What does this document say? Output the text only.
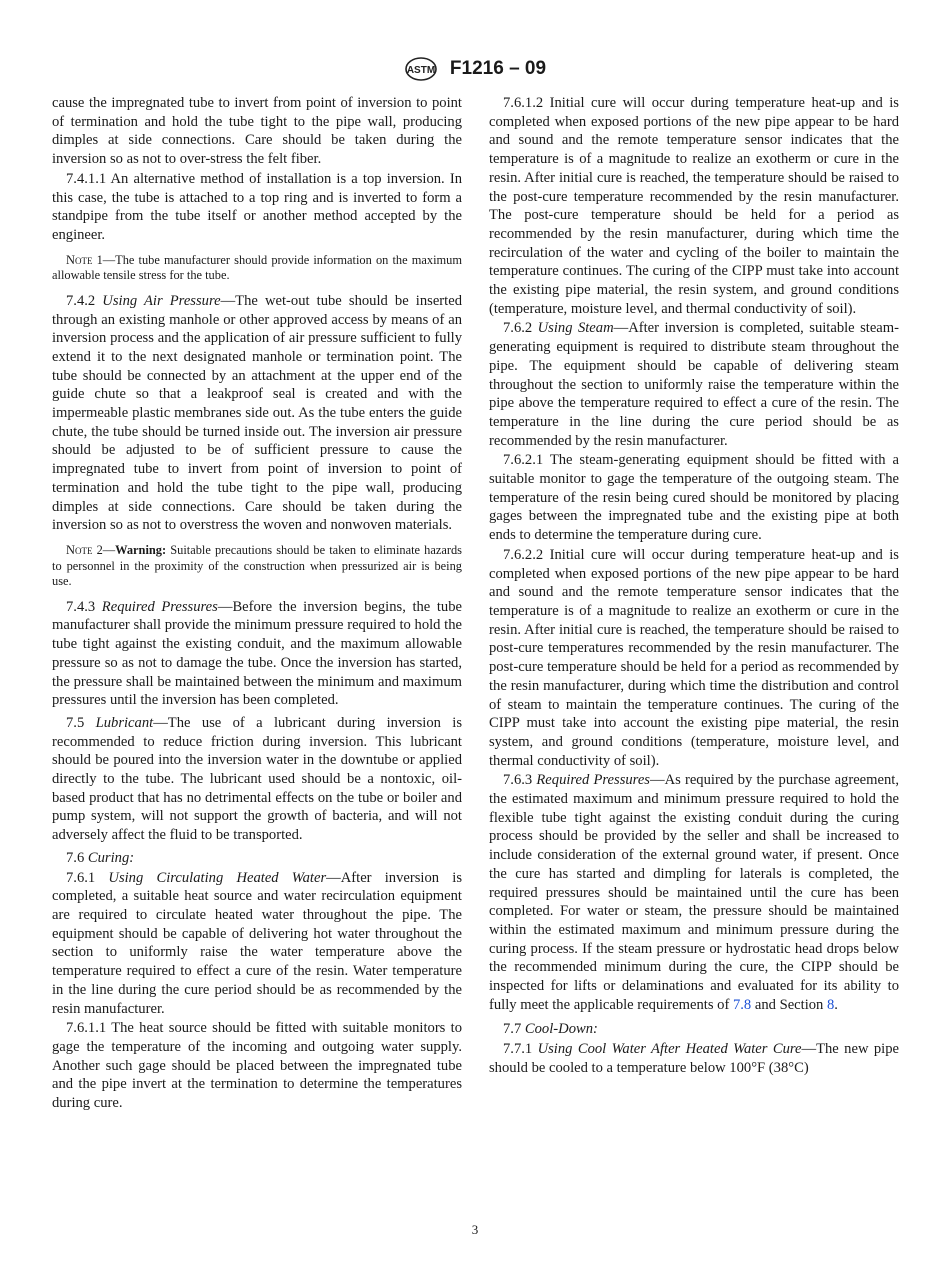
ASTM F1216 – 09

cause the impregnated tube to invert from point of inversion to point of termination and hold the tube tight to the pipe wall, producing dimples at side connections. Care should be taken during the inversion so as not to over-stress the felt fiber.

7.4.1.1 An alternative method of installation is a top inversion. In this case, the tube is attached to a top ring and is inverted to form a standpipe from the tube itself or another method accepted by the engineer.

Note 1—The tube manufacturer should provide information on the maximum allowable tensile stress for the tube.

7.4.2 Using Air Pressure—The wet-out tube should be inserted through an existing manhole or other approved access by means of an inversion process and the application of air pressure sufficient to fully extend it to the next designated manhole or termination point. The tube should be connected by an attachment at the upper end of the guide chute so that a leakproof seal is created and with the impermeable plastic membranes side out. As the tube enters the guide chute, the tube should be turned inside out. The inversion air pressure should be adjusted to be of sufficient pressure to cause the impregnated tube to invert from point of inversion to point of termination and hold the tube tight to the pipe wall, producing dimples at side connections. Care should be taken during the inversion so as not to overstress the woven and nonwoven materials.

Note 2—Warning: Suitable precautions should be taken to eliminate hazards to personnel in the proximity of the construction when pressurized air is being use.

7.4.3 Required Pressures—Before the inversion begins, the tube manufacturer shall provide the minimum pressure required to hold the tube tight against the existing conduit, and the maximum allowable pressure so as not to damage the tube. Once the inversion has started, the pressure shall be maintained between the minimum and maximum pressures until the inversion has been completed.

7.5 Lubricant—The use of a lubricant during inversion is recommended to reduce friction during inversion. This lubricant should be poured into the inversion water in the downtube or applied directly to the tube. The lubricant used should be a nontoxic, oil-based product that has no detrimental effects on the tube or boiler and pump system, will not support the growth of bacteria, and will not adversely affect the fluid to be transported.

7.6 Curing:

7.6.1 Using Circulating Heated Water—After inversion is completed, a suitable heat source and water recirculation equipment are required to circulate heated water throughout the pipe. The equipment should be capable of delivering hot water throughout the section to uniformly raise the water temperature above the temperature required to effect a cure of the resin. Water temperature in the line during the cure period should be as recommended by the resin manufacturer.

7.6.1.1 The heat source should be fitted with suitable monitors to gage the temperature of the incoming and outgoing water supply. Another such gage should be placed between the impregnated tube and the pipe invert at the termination to determine the temperatures during cure.

7.6.1.2 Initial cure will occur during temperature heat-up and is completed when exposed portions of the new pipe appear to be hard and sound and the remote temperature sensor indicates that the temperature is of a magnitude to realize an exotherm or cure in the resin. After initial cure is reached, the temperature should be raised to the post-cure temperature recommended by the resin manufacturer. The post-cure temperature should be held for a period as recommended by the resin manufacturer, during which time the recirculation of the water and cycling of the boiler to maintain the temperature continues. The curing of the CIPP must take into account the existing pipe material, the resin system, and ground conditions (temperature, moisture level, and thermal conductivity of soil).

7.6.2 Using Steam—After inversion is completed, suitable steam-generating equipment is required to distribute steam throughout the pipe. The equipment should be capable of delivering steam throughout the section to uniformly raise the temperature within the pipe above the temperature required to effect a cure of the resin. The temperature in the line during the cure period should be as recommended by the resin manufacturer.

7.6.2.1 The steam-generating equipment should be fitted with a suitable monitor to gage the temperature of the outgoing steam. The temperature of the resin being cured should be monitored by placing gages between the impregnated tube and the existing pipe at both ends to determine the temperature during cure.

7.6.2.2 Initial cure will occur during temperature heat-up and is completed when exposed portions of the new pipe appear to be hard and sound and the remote temperature sensor indicates that the temperature is of a magnitude to realize an exotherm or cure in the resin. After initial cure is reached, the temperature should be raised to post-cure temperatures recommended by the resin manufacturer. The post-cure temperature should be held for a period as recommended by the resin manufacturer, during which time the distribution and control of steam to maintain the temperature continues. The curing of the CIPP must take into account the existing pipe material, the resin system, and ground conditions (temperature, moisture level, and thermal conductivity of soil).

7.6.3 Required Pressures—As required by the purchase agreement, the estimated maximum and minimum pressure required to hold the flexible tube tight against the existing conduit during the curing process should be provided by the seller and shall be increased to include consideration of the external ground water, if present. Once the cure has started and dimpling for laterals is completed, the required pressures should be maintained until the cure has been completed. For water or steam, the pressure should be maintained within the estimated maximum and minimum pressure during the curing process. If the steam pressure or hydrostatic head drops below the recommended minimum during the cure, the CIPP should be inspected for lifts or delaminations and evaluated for its ability to fully meet the applicable requirements of 7.8 and Section 8.

7.7 Cool-Down:

7.7.1 Using Cool Water After Heated Water Cure—The new pipe should be cooled to a temperature below 100°F (38°C)

3
